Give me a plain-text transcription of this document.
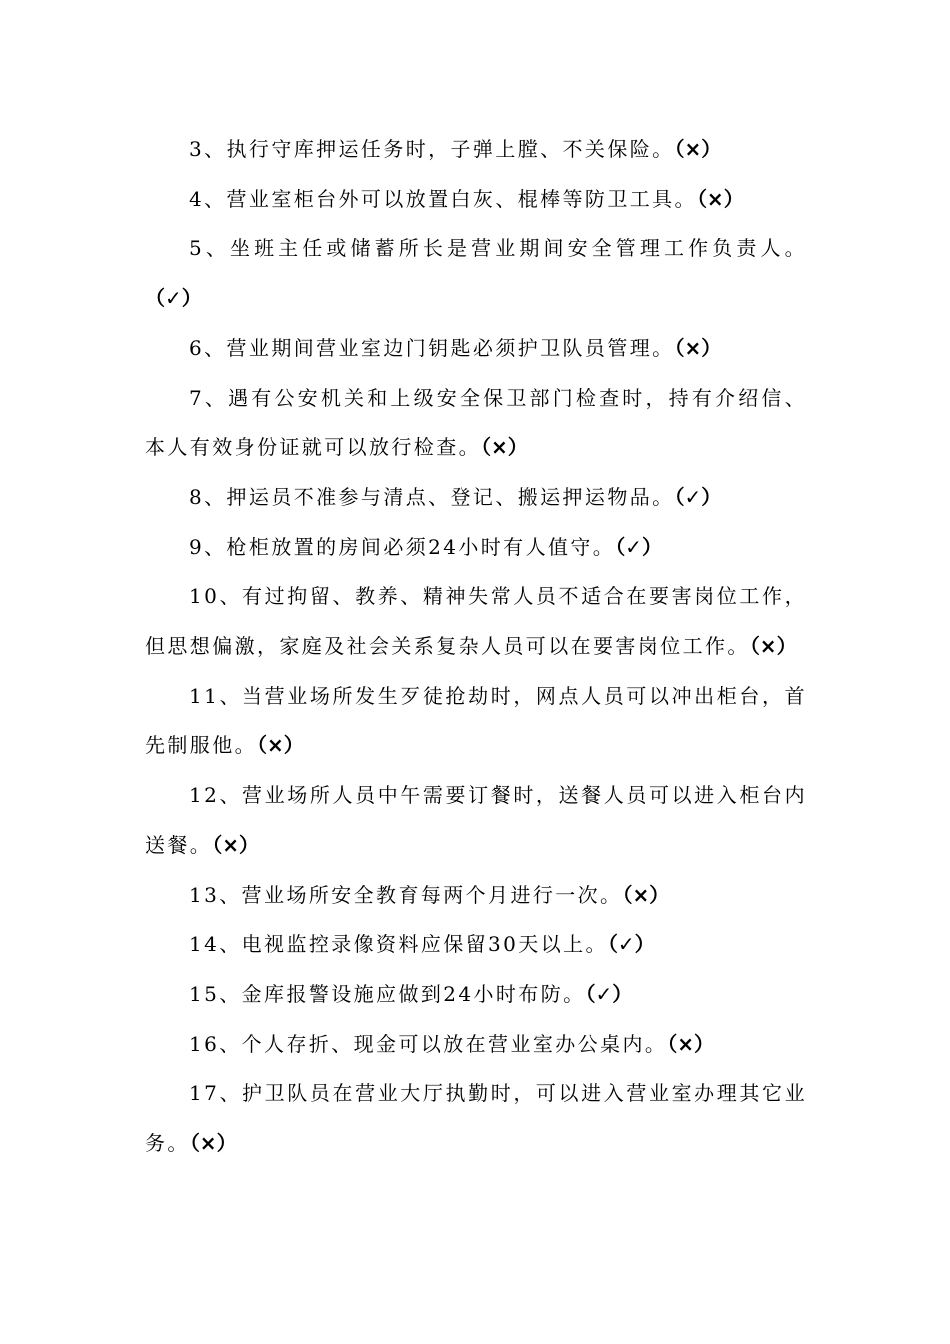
3、执行守库押运任务时，子弹上膛、不关保险。（×）

4、营业室柜台外可以放置白灰、棍棒等防卫工具。（×）

5、坐班主任或储蓄所长是营业期间安全管理工作负责人。（✓）

6、营业期间营业室边门钥匙必须护卫队员管理。（×）

7、遇有公安机关和上级安全保卫部门检查时，持有介绍信、本人有效身份证就可以放行检查。（×）

8、押运员不准参与清点、登记、搬运押运物品。（✓）

9、枪柜放置的房间必须24小时有人值守。（✓）

10、有过拘留、教养、精神失常人员不适合在要害岗位工作，但思想偏激，家庭及社会关系复杂人员可以在要害岗位工作。（×）

11、当营业场所发生歹徒抢劫时，网点人员可以冲出柜台，首先制服他。（×）

12、营业场所人员中午需要订餐时，送餐人员可以进入柜台内送餐。（×）

13、营业场所安全教育每两个月进行一次。（×）

14、电视监控录像资料应保留30天以上。（✓）

15、金库报警设施应做到24小时布防。（✓）

16、个人存折、现金可以放在营业室办公桌内。（×）

17、护卫队员在营业大厅执勤时，可以进入营业室办理其它业务。（×）
